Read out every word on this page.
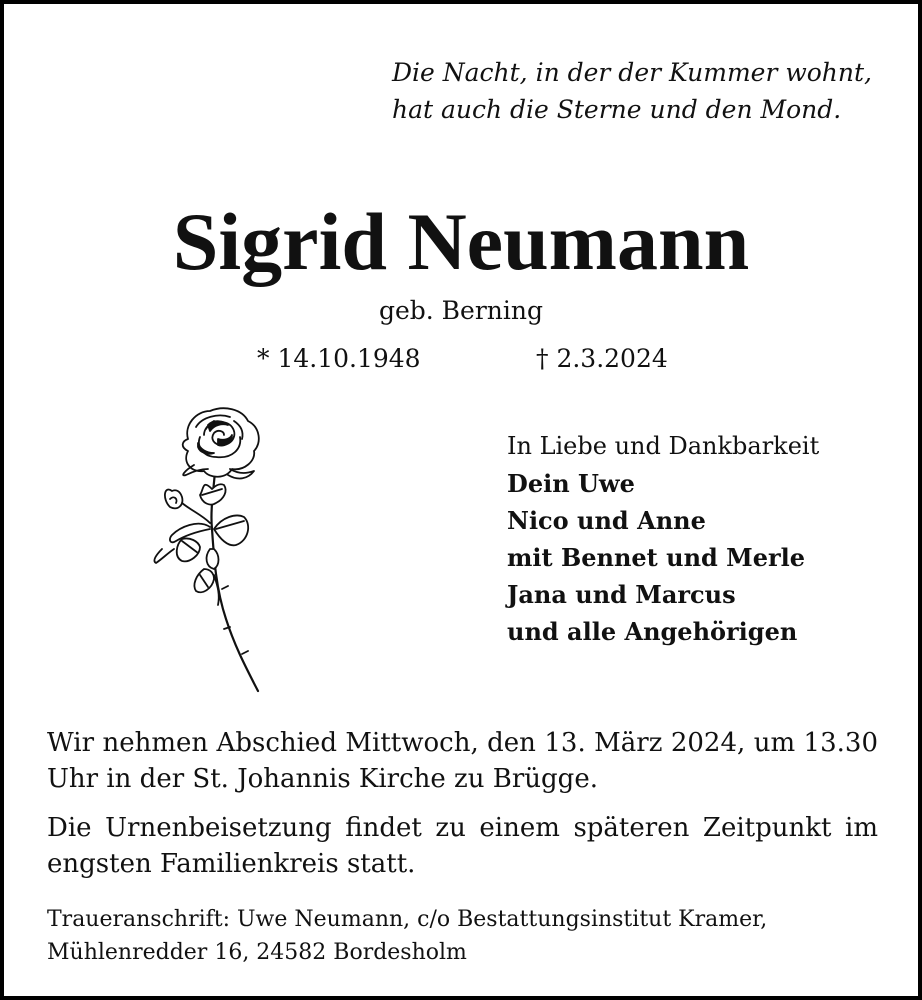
Die Nacht, in der der Kummer wohnt,
hat auch die Sterne und den Mond.
Sigrid Neumann
geb. Berning
* 14.10.1948	† 2.3.2024
In Liebe und Dankbarkeit
Dein Uwe
Nico und Anne
mit Bennet und Merle
Jana und Marcus
und alle Angehörigen
Wir nehmen Abschied Mittwoch, den 13. März 2024, um 13.30 Uhr in der St. Johannis Kirche zu Brügge.
Die Urnenbeisetzung findet zu einem späteren Zeitpunkt im engsten Familienkreis statt.
Traueranschrift: Uwe Neumann, c/o Bestattungsinstitut Kramer,
Mühlenredder 16, 24582 Bordesholm
